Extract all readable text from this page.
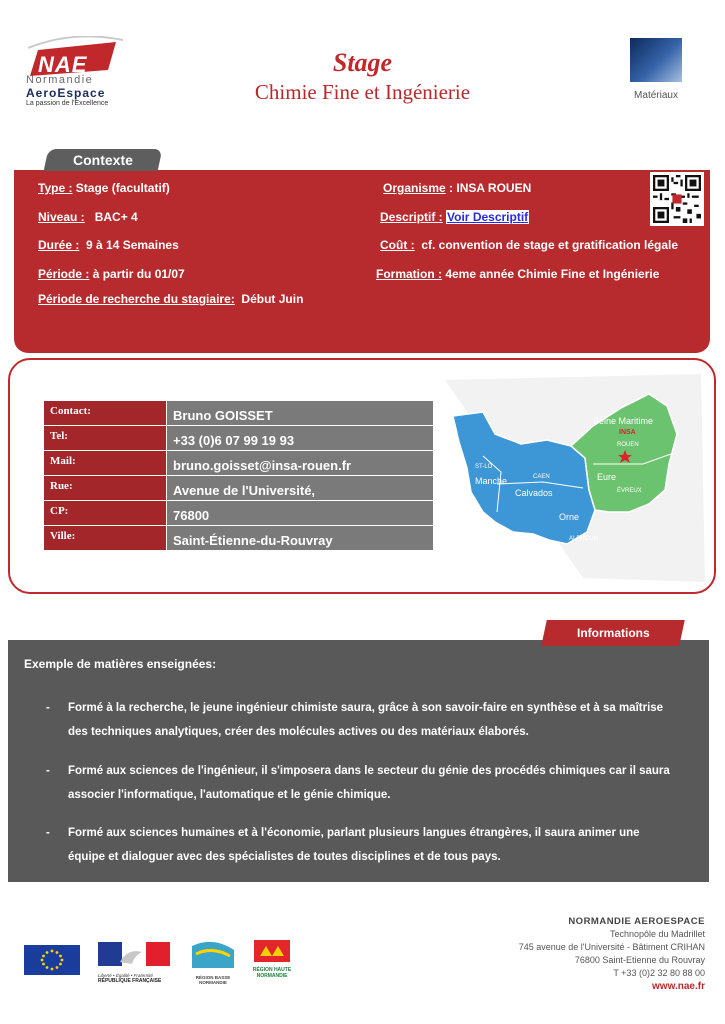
NAE
Normandie
AeroEspace
La passion de l'Excellence
Stage
Chimie Fine et Ingénierie	Matériaux
Contexte
Type : Stage (facultatif)	Organisme : INSA ROUEN
Niveau :   BAC+ 4	Descriptif : Voir Descriptif
Durée :  9 à 14 Semaines	Coût :  cf. convention de stage et gratification légale
Période : à partir du 01/07	Formation : 4eme année Chimie Fine et Ingénierie
Période de recherche du stagiaire:  Début Juin
Contact:	Bruno GOISSET
Tel:	+33 (0)6 07 99 19 93
Mail:	bruno.goisset@insa-rouen.fr
Rue:	Avenue de l'Université,
CP:	76800
Ville:	Saint-Étienne-du-Rouvray
Seine Maritime
Eure
Manche
Calvados
Orne
ST-LÔ
CAEN
ROUEN
ÉVREUX
ALENÇON
INSA
Informations
Exemple de matières enseignées:
- Formé à la recherche, le jeune ingénieur chimiste saura, grâce à son savoir-faire en synthèse et à sa maîtrise
des techniques analytiques, créer des molécules actives ou des matériaux élaborés.
- Formé aux sciences de l'ingénieur, il s'imposera dans le secteur du génie des procédés chimiques car il saura
associer l'informatique, l'automatique et le génie chimique.
- Formé aux sciences humaines et à l'économie, parlant plusieurs langues étrangères, il saura animer une
équipe et dialoguer avec des spécialistes de toutes disciplines et de tous pays.
Liberté • Égalité • Fraternité
RÉPUBLIQUE FRANÇAISE
RÉGION BASSE NORMANDIE
RÉGION HAUTE NORMANDIE
NORMANDIE AEROESPACE
Technopôle du Madrillet
745 avenue de l'Université - Bâtiment CRIHAN
76800 Saint-Etienne du Rouvray
T +33 (0)2 32 80 88 00
www.nae.fr
